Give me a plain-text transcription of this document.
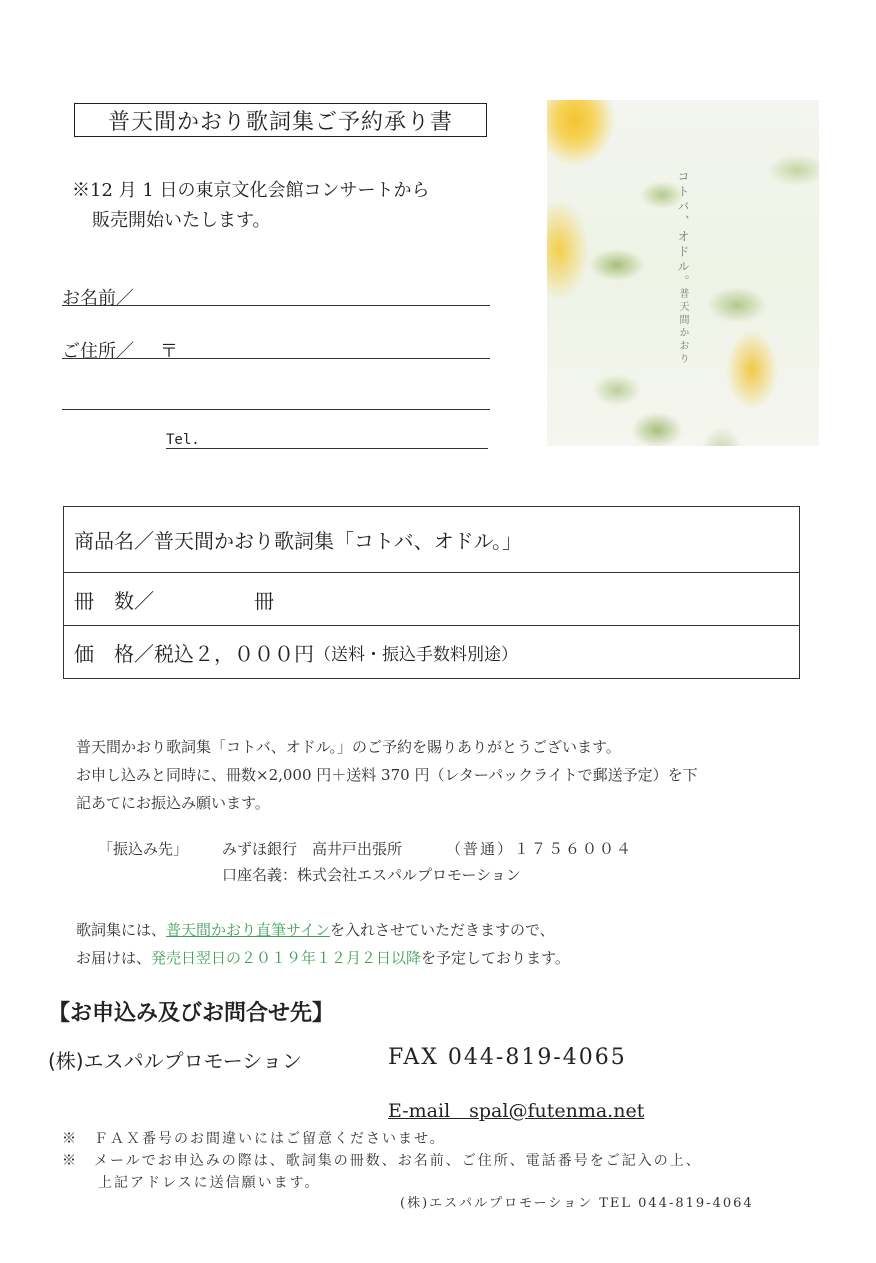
普天間かおり歌詞集ご予約承り書
※12 月 1 日の東京文化会館コンサートから
販売開始いたします。
お名前／
ご住所／ 〒
Tel.
コトバ、オドル。
普天間かおり
商品名／普天間かおり歌詞集「コトバ、オドル。」
冊　数／	冊
価　格／ 税込２，０００円 （送料・振込手数料別途）
普天間かおり歌詞集「コトバ、オドル。」のご予約を賜りありがとうございます。
お申し込みと同時に、冊数×2,000 円＋送料 370 円（レターパックライトで郵送予定）を下
記あてにお振込み願います。
「振込み先」 みずほ銀行　高井戸出張所	（普通）１７５６００４
口座名義：株式会社エスパルプロモーション
歌詞集には、普天間かおり直筆サインを入れさせていただきますので、
お届けは、発売日翌日の２０１９年１２月２日以降を予定しております。
【お申込み及びお問合せ先】
(株)エスパルプロモーション	FAX 044-819-4065
E-mail　spal@futenma.net
※　ＦＡＸ番号のお間違いにはご留意くださいませ。
※　メールでお申込みの際は、歌詞集の冊数、お名前、ご住所、電話番号をご記入の上、
上記アドレスに送信願います。
(株)エスパルプロモーション TEL 044-819-4064
